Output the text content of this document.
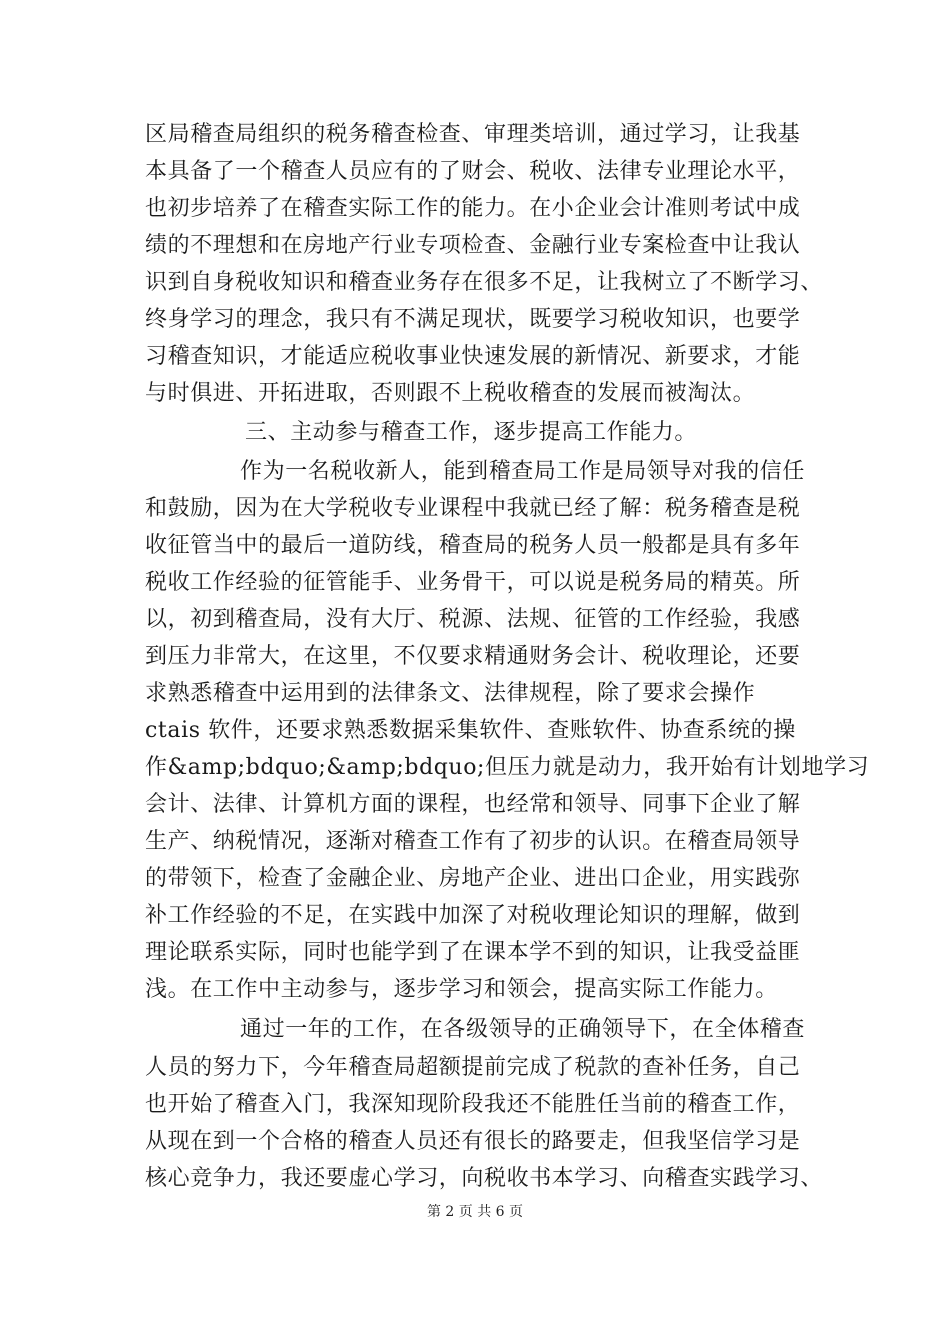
区局稽查局组织的税务稽查检查、审理类培训，通过学习，让我基
本具备了一个稽查人员应有的了财会、税收、法律专业理论水平，
也初步培养了在稽查实际工作的能力。在小企业会计准则考试中成
绩的不理想和在房地产行业专项检查、金融行业专案检查中让我认
识到自身税收知识和稽查业务存在很多不足，让我树立了不断学习、
终身学习的理念，我只有不满足现状，既要学习税收知识，也要学
习稽查知识，才能适应税收事业快速发展的新情况、新要求，才能
与时俱进、开拓进取，否则跟不上税收稽查的发展而被淘汰。
三、主动参与稽查工作，逐步提高工作能力。
作为一名税收新人，能到稽查局工作是局领导对我的信任
和鼓励，因为在大学税收专业课程中我就已经了解：税务稽查是税
收征管当中的最后一道防线，稽查局的税务人员一般都是具有多年
税收工作经验的征管能手、业务骨干，可以说是税务局的精英。所
以，初到稽查局，没有大厅、税源、法规、征管的工作经验，我感
到压力非常大，在这里，不仅要求精通财务会计、税收理论，还要
求熟悉稽查中运用到的法律条文、法律规程，除了要求会操作
ctais 软件，还要求熟悉数据采集软件、查账软件、协查系统的操
作&amp;bdquo;&amp;bdquo;但压力就是动力，我开始有计划地学习
会计、法律、计算机方面的课程，也经常和领导、同事下企业了解
生产、纳税情况，逐渐对稽查工作有了初步的认识。在稽查局领导
的带领下，检查了金融企业、房地产企业、进出口企业，用实践弥
补工作经验的不足，在实践中加深了对税收理论知识的理解，做到
理论联系实际，同时也能学到了在课本学不到的知识，让我受益匪
浅。在工作中主动参与，逐步学习和领会，提高实际工作能力。
通过一年的工作，在各级领导的正确领导下，在全体稽查
人员的努力下，今年稽查局超额提前完成了税款的查补任务，自己
也开始了稽查入门，我深知现阶段我还不能胜任当前的稽查工作，
从现在到一个合格的稽查人员还有很长的路要走，但我坚信学习是
核心竞争力，我还要虚心学习，向税收书本学习、向稽查实践学习、
第 2 页 共 6 页
